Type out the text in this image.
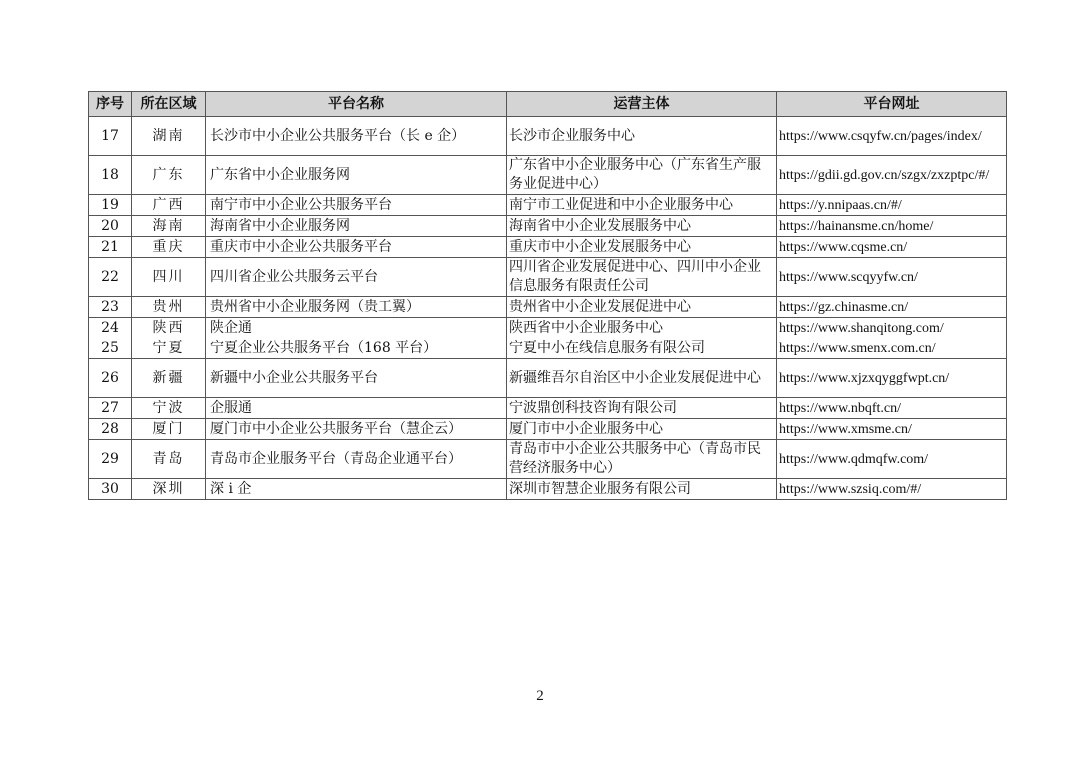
序号	所在区域	平台名称	运营主体	平台网址
17	湖南	长沙市中小企业公共服务平台（长 e 企）	长沙市企业服务中心	https://www.csqyfw.cn/pages/index/
18	广东	广东省中小企业服务网	广东省中小企业服务中心（广东省生产服务业促进中心）	https://gdii.gd.gov.cn/szgx/zxzptpc/#/
19	广西	南宁市中小企业公共服务平台	南宁市工业促进和中小企业服务中心	https://y.nnipaas.cn/#/
20	海南	海南省中小企业服务网	海南省中小企业发展服务中心	https://hainansme.cn/home/
21	重庆	重庆市中小企业公共服务平台	重庆市中小企业发展服务中心	https://www.cqsme.cn/
22	四川	四川省企业公共服务云平台	四川省企业发展促进中心、四川中小企业信息服务有限责任公司	https://www.scqyyfw.cn/
23	贵州	贵州省中小企业服务网（贵工翼）	贵州省中小企业发展促进中心	https://gz.chinasme.cn/
24	陕西	陕企通	陕西省中小企业服务中心	https://www.shanqitong.com/
25	宁夏	宁夏企业公共服务平台（168 平台）	宁夏中小在线信息服务有限公司	https://www.smenx.com.cn/
26	新疆	新疆中小企业公共服务平台	新疆维吾尔自治区中小企业发展促进中心	https://www.xjzxqyggfwpt.cn/
27	宁波	企服通	宁波鼎创科技咨询有限公司	https://www.nbqft.cn/
28	厦门	厦门市中小企业公共服务平台（慧企云）	厦门市中小企业服务中心	https://www.xmsme.cn/
29	青岛	青岛市企业服务平台（青岛企业通平台）	青岛市中小企业公共服务中心（青岛市民营经济服务中心）	https://www.qdmqfw.com/
30	深圳	深 i 企	深圳市智慧企业服务有限公司	https://www.szsiq.com/#/
2
